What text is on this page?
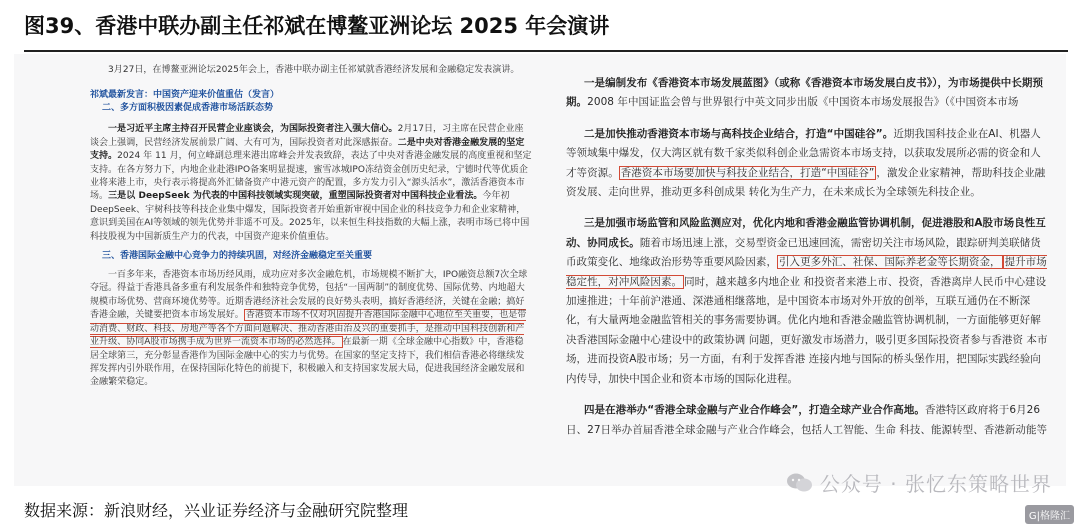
图39、香港中联办副主任祁斌在博鳌亚洲论坛 2025 年会演讲

3月27日，在博鳌亚洲论坛2025年会上，香港中联办副主任祁斌就香港经济发展和金融稳定发表演讲。

祁斌最新发言：中国资产迎来价值重估（发言）

二、多方面积极因素促成香港市场活跃态势

一是习近平主席主持召开民营企业座谈会，为国际投资者注入强大信心。2月17日，习主席在民营企业座谈会上强调，民营经济发展前景广阔、大有可为，国际投资者对此深感振奋。二是中央对香港金融发展的坚定支持。2024 年 11 月，何立峰副总理来港出席峰会并发表致辞，表达了中央对香港金融发展的高度重视和坚定支持。在各方努力下，内地企业赴港IPO备案明显提速，蜜雪冰城IPO冻结资金创历史纪录，宁德时代等优质企业将来港上市，央行表示将提高外汇储备资产中港元资产的配置，多方发力引入“源头活水”，激活香港资本市场。三是以 DeepSeek 为代表的中国科技领域实现突破，重塑国际投资者对中国科技企业看法。今年初DeepSeek、宇树科技等科技企业集中爆发，国际投资者开始重新审视中国企业的科技竞争力和企业家精神，意识到美国在AI等领域的领先优势并非遥不可及。2025年，以来恒生科技指数的大幅上涨，表明市场已将中国科技股视为中国新质生产力的代表，中国资产迎来价值重估。

三、香港国际金融中心竞争力的持续巩固，对经济金融稳定至关重要

一百多年来，香港资本市场历经风雨，成功应对多次金融危机，市场规模不断扩大，IPO融资总额7次全球夺冠。得益于香港具备多重有利发展条件和独特竞争优势，包括“一国两制”的制度优势、国际优势、内地超大规模市场优势、营商环境优势等。近期香港经济社会发展的良好势头表明，搞好香港经济，关键在金融；搞好香港金融，关键要把资本市场发展好。 香港资本市场不仅对巩固提升香港国际金融中心地位至关重要，也是带动消费、财政、科技、房地产等各个方面问题解决、推动香港由治及兴的重要抓手，是推动中国科技创新和产业升级、协同A股市场携手成为世界一流资本市场的必然选择。 在最新一期《全球金融中心指数》中，香港稳居全球第三，充分彰显香港作为国际金融中心的实力与优势。在国家的坚定支持下，我们相信香港必将继续发挥发挥内引外联作用，在保持国际化特色的前提下，积极融入和支持国家发展大局，促进我国经济金融发展和金融繁荣稳定。

一是编制发布《香港资本市场发展蓝图》（或称《香港资本市场发展白皮书》），为市场提供中长期预期。2008 年中国证监会曾与世界银行中英文同步出版《中国资本市场发展报告》（《中国资本市场

二是加快推动香港资本市场与高科技企业结合，打造“中国硅谷”。近期我国科技企业在AI、机器人等领域集中爆发，仅大湾区就有数千家类似科创企业急需资本市场支持，以获取发展所必需的资金和人才等资源。 香港资本市场要加快与科技企业结合，打造“中国硅谷” ，激发企业家精神，帮助科技企业融资发展、走向世界，推动更多科创成果 转化为生产力，在未来成长为全球领先科技企业。

三是加强市场监管和风险监测应对，优化内地和香港金融监管协调机制，促进港股和A股市场良性互动、协同成长。随着市场迅速上涨，交易型资金已迅速回流，需密切关注市场风险，跟踪研判美联储货币政策变化、地缘政治形势等重要风险因素， 引入更多外汇、社保、国际养老金等长期资金， 提升市场稳定性，对冲风险因素。 同时，越来越多内地企业 和投资者来港上市、投资，香港离岸人民币中心建设加速推进；十年前沪港通、深港通相继落地，是中国资本市场对外开放的创举，互联互通仍在不断深化，有大量两地金融监管相关的事务需要协调。优化内地和香港金融监管协调机制，一方面能够更好解决香港国际金融中心建设中的政策协调 问题，更好激发市场潜力，吸引更多国际投资者参与香港资 本市场，进而投资A股市场；另一方面，有利于发挥香港 连接内地与国际的桥头堡作用，把国际实践经验向内传导，加快中国企业和资本市场的国际化进程。

四是在港举办“香港全球金融与产业合作峰会”，打造全球产业合作高地。香港特区政府将于6月26日、27日举办首届香港全球金融与产业合作峰会，包括人工智能、生命 科技、能源转型、香港新动能等

公众号 · 张忆东策略世界
数据来源：新浪财经，兴业证券经济与金融研究院整理	G|格隆汇
